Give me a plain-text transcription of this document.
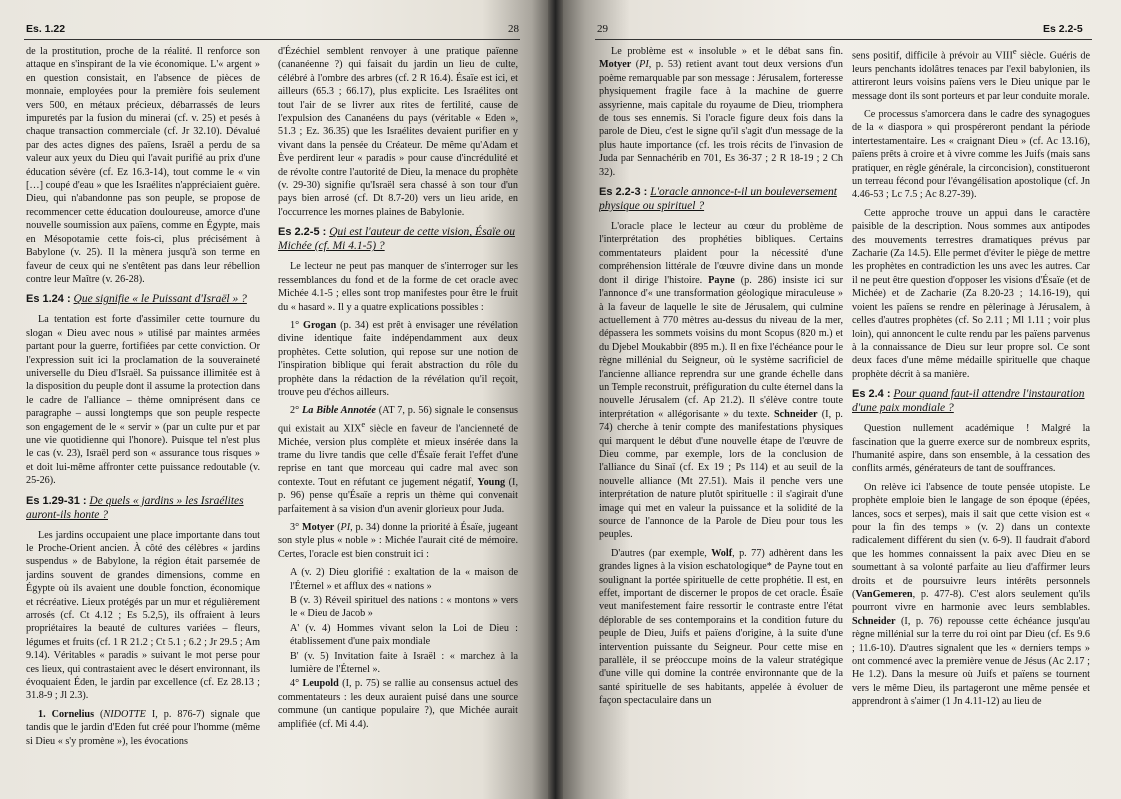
Es. 1.22	28

de la prostitution, proche de la réalité. Il renforce son attaque en s'inspirant de la vie économique. L'« argent » en question consistait, en l'absence de pièces de monnaie, employées pour la première fois seulement vers 500, en métaux précieux, débarrassés de leurs impuretés par la fusion du minerai (cf. v. 25) et pesés à chaque transaction commerciale (cf. Jr 32.10). Dévalué par des actes dignes des païens, Israël a perdu de sa valeur aux yeux du Dieu qui l'avait purifié au prix d'une éducation sévère (cf. Ez 16.3-14), tout comme le « vin […] coupé d'eau » que les Israélites n'appréciaient guère. Dieu, qui n'abandonne pas son peuple, se propose de recommencer cette éducation douloureuse, amorce d'une nouvelle soumission aux païens, comme en Égypte, mais en Mésopotamie cette fois-ci, plus précisément à Babylone (v. 25). Il la mènera jusqu'à son terme en faveur de ceux qui ne s'entêtent pas dans leur rébellion contre leur Maître (v. 26-28).

Es 1.24 : Que signifie « le Puissant d'Israël » ?

La tentation est forte d'assimiler cette tournure du slogan « Dieu avec nous » utilisé par maintes armées partant pour la guerre, fortifiées par cette conviction. Or l'expression suit ici la proclamation de la souveraineté universelle du Dieu d'Israël. Sa puissance illimitée est à la disposition du peuple dont il assume la protection dans le cadre de l'alliance – thème omniprésent dans ce paragraphe – aussi longtemps que son peuple respecte son engagement de le « servir » (par un culte pur et par une vie quotidienne qui l'honore). Puisque tel n'est plus le cas (v. 23), Israël perd son « assurance tous risques » et doit lui-même affronter cette puissance redoutable (v. 25-26).

Es 1.29-31 : De quels « jardins » les Israélites auront-ils honte ?

Les jardins occupaient une place importante dans tout le Proche-Orient ancien. À côté des célèbres « jardins suspendus » de Babylone, la région était parsemée de jardins souvent de grandes dimensions, comme en Égypte où ils avaient une double fonction, économique et récréative. Lieux protégés par un mur et régulièrement arrosés (cf. Ct 4.12 ; Es 5.2,5), ils offraient à leurs propriétaires la beauté de cultures variées – fleurs, légumes et fruits (cf. 1 R 21.2 ; Ct 5.1 ; 6.2 ; Jr 29.5 ; Am 9.14). Véritables « paradis » suivant le mot perse pour ces lieux, qui contrastaient avec le désert environnant, ils évoquaient Éden, le jardin par excellence (cf. Ez 28.13 ; 31.8-9 ; Jl 2.3).

1. Cornelius (NIDOTTE I, p. 876-7) signale que tandis que le jardin d'Eden fut créé pour l'homme (même si Dieu « s'y promène »), les évocations

d'Ézéchiel semblent renvoyer à une pratique païenne (cananéenne ?) qui faisait du jardin un lieu de culte, célébré à l'ombre des arbres (cf. 2 R 16.4). Ésaïe est ici, et ailleurs (65.3 ; 66.17), plus explicite. Les Israélites ont tout l'air de se livrer aux rites de fertilité, cause de l'expulsion des Cananéens du pays (véritable « Eden », 51.3 ; Ez. 36.35) que les Israélites devaient purifier en y vivant dans la pensée du Créateur. De même qu'Adam et Ève perdirent leur « paradis » pour cause d'incrédulité et de révolte contre l'autorité de Dieu, la menace du prophète (v. 29-30) signifie qu'Israël sera chassé à son tour d'un pays bien arrosé (cf. Dt 8.7-20) vers un lieu aride, en l'occurrence les mornes plaines de Babylonie.

Es 2.2-5 : Qui est l'auteur de cette vision, Ésaïe ou Michée (cf. Mi 4.1-5) ?

Le lecteur ne peut pas manquer de s'interroger sur les ressemblances du fond et de la forme de cet oracle avec Michée 4.1-5 ; elles sont trop manifestes pour être le fruit du « hasard ». Il y a quatre explications possibles :

1° Grogan (p. 34) est prêt à envisager une révélation divine identique faite indépendamment aux deux prophètes. Cette solution, qui repose sur une notion de l'inspiration biblique qui ferait abstraction du rôle du prophète dans la rédaction de la révélation qu'il reçoit, trouve peu d'échos ailleurs.

2° La Bible Annotée (AT 7, p. 56) signale le consensus qui existait au XIXe siècle en faveur de l'ancienneté de Michée, version plus complète et mieux insérée dans la trame du livre tandis que celle d'Ésaïe ferait l'effet d'une reprise en tant que morceau qui cadre mal avec son contexte. Tout en réfutant ce jugement négatif, Young (I, p. 96) pense qu'Ésaïe a repris un thème qui convenait parfaitement à sa vision d'un avenir glorieux pour Juda.

3° Motyer (PI, p. 34) donne la priorité à Ésaïe, jugeant son style plus « noble » : Michée l'aurait cité de mémoire. Certes, l'oracle est bien construit ici :

A (v. 2) Dieu glorifié : exaltation de la « maison de l'Éternel » et afflux des « nations »

B (v. 3) Réveil spirituel des nations : « montons » vers le « Dieu de Jacob »

A' (v. 4) Hommes vivant selon la Loi de Dieu : établissement d'une paix mondiale

B' (v. 5) Invitation faite à Israël : « marchez à la lumière de l'Éternel ».

4° Leupold (I, p. 75) se rallie au consensus actuel des commentateurs : les deux auraient puisé dans une source commune (un cantique populaire ?), que Michée aurait amplifiée (cf. Mi 4.4).

29	Es 2.2-5

Le problème est « insoluble » et le débat sans fin. Motyer (PI, p. 53) retient avant tout deux versions d'un poème remarquable par son message : Jérusalem, forteresse physiquement fragile face à la machine de guerre assyrienne, mais capitale du royaume de Dieu, triomphera de tous ses ennemis. Si l'oracle figure deux fois dans la parole de Dieu, c'est le signe qu'il s'agit d'un message de la plus haute importance (cf. les trois récits de l'invasion de Juda par Sennachérib en 701, Es 36-37 ; 2 R 18-19 ; 2 Ch 32).

Es 2.2-3 : L'oracle annonce-t-il un bouleversement physique ou spirituel ?

L'oracle place le lecteur au cœur du problème de l'interprétation des prophéties bibliques. Certains commentateurs plaident pour la nécessité d'une compréhension littérale de l'œuvre divine dans un monde dont il dirige l'histoire. Payne (p. 286) insiste ici sur l'annonce d'« une transformation géologique miraculeuse » à la faveur de laquelle le site de Jérusalem, qui culmine actuellement à 770 mètres au-dessus du niveau de la mer, dépassera les sommets voisins du mont Scopus (820 m.) et du Djebel Moukabbir (895 m.). Il en fixe l'échéance pour le règne millénial du Seigneur, où le système sacrificiel de l'ancienne alliance reprendra sur une grande échelle dans un Temple reconstruit, préfiguration du culte éternel dans la nouvelle Jérusalem (cf. Ap 21.2). Il s'élève contre toute interprétation « allégorisante » du texte. Schneider (I, p. 74) cherche à tenir compte des manifestations physiques qui marquent le début d'une nouvelle étape de l'œuvre de Dieu comme, par exemple, lors de la conclusion de l'alliance du Sinaï (cf. Ex 19 ; Ps 114) et au seuil de la nouvelle alliance (Mt 27.51). Mais il penche vers une interprétation de nature plutôt spirituelle : il s'agirait d'une image qui met en valeur la puissance et la solidité de la source de l'annonce de la Parole de Dieu pour tous les peuples.

D'autres (par exemple, Wolf, p. 77) adhèrent dans les grandes lignes à la vision eschatologique* de Payne tout en soulignant la portée spirituelle de cette prophétie. Il est, en effet, important de discerner le propos de cet oracle. Ésaïe veut manifestement faire ressortir le contraste entre l'état déplorable de ses contemporains et la condition future du peuple de Dieu, Juifs et païens d'origine, à la suite d'une intervention puissante du Seigneur. Pour cette mise en parallèle, il se préoccupe moins de la valeur stratégique d'une ville qui domine la contrée environnante que de la santé spirituelle de ses habitants, appelée à évoluer de façon spectaculaire dans un

sens positif, difficile à prévoir au VIIIe siècle. Guéris de leurs penchants idolâtres tenaces par l'exil babylonien, ils attireront leurs voisins païens vers le Dieu unique par le message dont ils sont porteurs et par leur conduite morale.

Ce processus s'amorcera dans le cadre des synagogues de la « diaspora » qui prospéreront pendant la période intertestamentaire. Les « craignant Dieu » (cf. Ac 13.16), païens prêts à croire et à vivre comme les Juifs (mais sans pratiquer, en règle générale, la circoncision), constitueront un terreau fécond pour l'évangélisation apostolique (cf. Jn 4.46-53 ; Lc 7.5 ; Ac 8.27-39).

Cette approche trouve un appui dans le caractère paisible de la description. Nous sommes aux antipodes des mouvements terrestres dramatiques prévus par Zacharie (Za 14.5). Elle permet d'éviter le piège de mettre les prophètes en contradiction les uns avec les autres. Car il ne peut être question d'opposer les visions d'Ésaïe (et de Michée) et de Zacharie (Za 8.20-23 ; 14.16-19), qui voient les païens se rendre en pèlerinage à Jérusalem, à celles d'autres prophètes (cf. So 2.11 ; Ml 1.11 ; voir plus loin), qui annoncent le culte rendu par les païens parvenus à la connaissance de Dieu sur leur propre sol. Ce sont deux faces d'une même médaille spirituelle que chaque prophète décrit à sa manière.

Es 2.4 : Pour quand faut-il attendre l'instauration d'une paix mondiale ?

Question nullement académique ! Malgré la fascination que la guerre exerce sur de nombreux esprits, l'humanité aspire, dans son ensemble, à la cessation des conflits armés, générateurs de tant de souffrances.

On relève ici l'absence de toute pensée utopiste. Le prophète emploie bien le langage de son époque (épées, lances, socs et serpes), mais il sait que cette vision est « pour la fin des temps » (v. 2) dans un contexte radicalement différent du sien (v. 6-9). Il faudrait d'abord que les hommes connaissent la paix avec Dieu en se soumettant à sa volonté parfaite au lieu d'affirmer leurs droits et de poursuivre leurs intérêts personnels (VanGemeren, p. 477-8). C'est alors seulement qu'ils pourront vivre en harmonie avec leurs semblables. Schneider (I, p. 76) repousse cette échéance jusqu'au règne millénial sur la terre du roi oint par Dieu (cf. Es 9.6 ; 11.6-10). D'autres signalent que les « derniers temps » ont commencé avec la première venue de Jésus (Ac 2.17 ; He 1.2). Dans la mesure où Juifs et païens se tournent vers le même Dieu, ils partageront une même pensée et apprendront à s'aimer (1 Jn 4.11-12) au lieu de
